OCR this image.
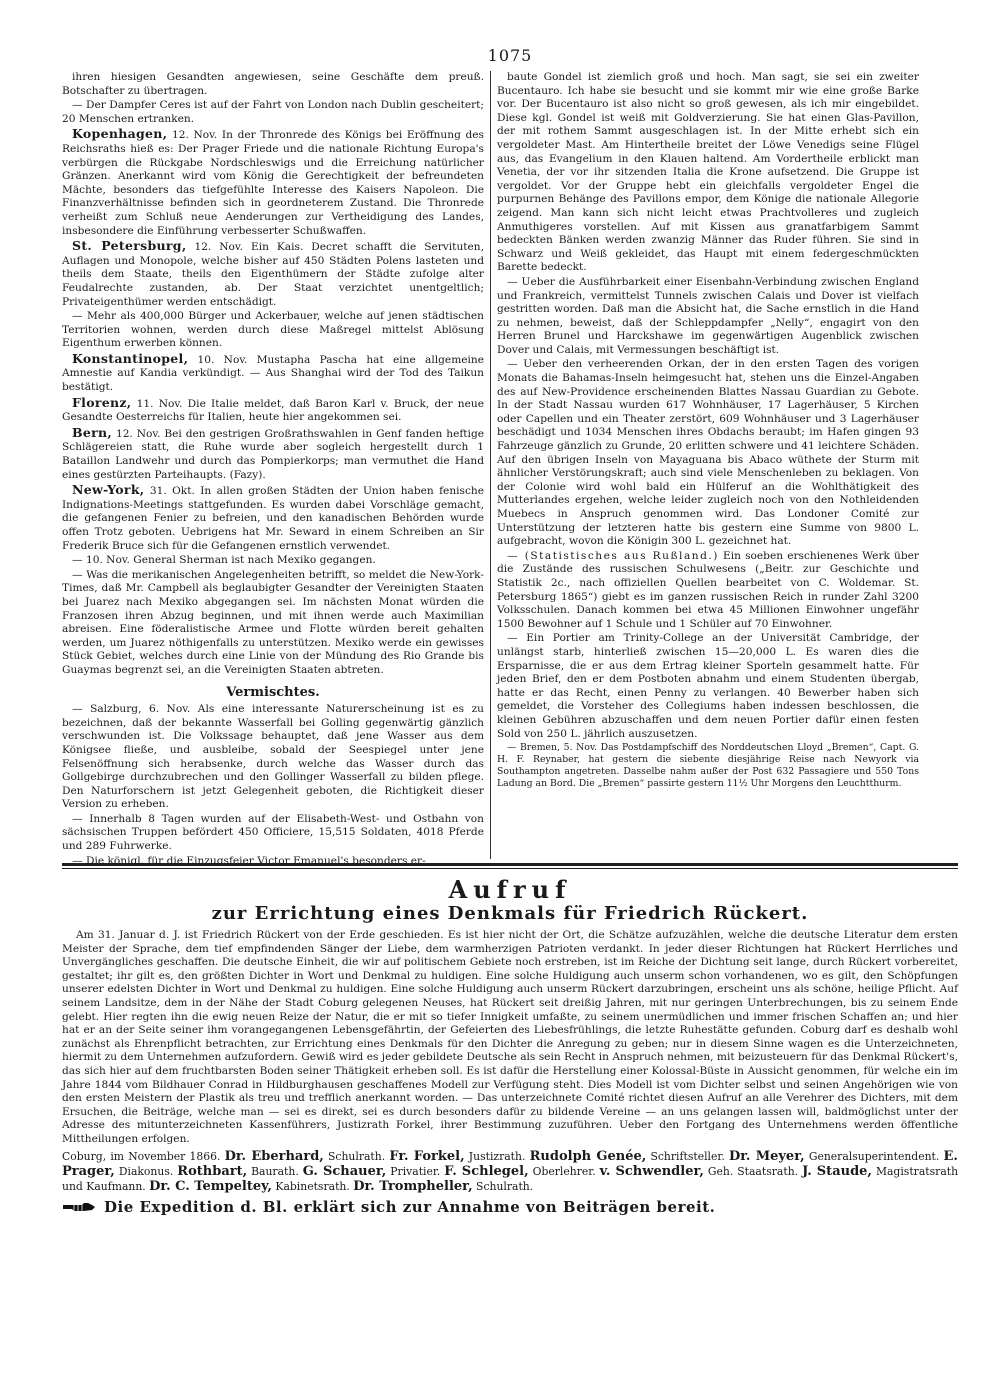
1075

ihren hiesigen Gesandten angewiesen, seine Geschäfte dem preuß. Botschafter zu übertragen.

— Der Dampfer Ceres ist auf der Fahrt von London nach Dublin gescheitert; 20 Menschen ertranken.

Kopenhagen, 12. Nov. In der Thronrede des Königs bei Eröffnung des Reichsraths hieß es: Der Prager Friede und die nationale Richtung Europa's verbürgen die Rückgabe Nordschleswigs und die Erreichung natürlicher Gränzen. Anerkannt wird vom König die Gerechtigkeit der befreundeten Mächte, besonders das tiefgefühlte Interesse des Kaisers Napoleon. Die Finanzverhältnisse befinden sich in geordneterem Zustand. Die Thronrede verheißt zum Schluß neue Aenderungen zur Vertheidigung des Landes, insbesondere die Einführung verbesserter Schußwaffen.

St. Petersburg, 12. Nov. Ein Kais. Decret schafft die Servituten, Auflagen und Monopole, welche bisher auf 450 Städten Polens lasteten und theils dem Staate, theils den Eigenthümern der Städte zufolge alter Feudalrechte zustanden, ab. Der Staat verzichtet unentgeltlich; Privateigenthümer werden entschädigt.

— Mehr als 400,000 Bürger und Ackerbauer, welche auf jenen städtischen Territorien wohnen, werden durch diese Maßregel mittelst Ablösung Eigenthum erwerben können.

Konstantinopel, 10. Nov. Mustapha Pascha hat eine allgemeine Amnestie auf Kandia verkündigt. — Aus Shanghai wird der Tod des Taikun bestätigt.

Florenz, 11. Nov. Die Italie meldet, daß Baron Karl v. Bruck, der neue Gesandte Oesterreichs für Italien, heute hier angekommen sei.

Bern, 12. Nov. Bei den gestrigen Großrathswahlen in Genf fanden heftige Schlägereien statt, die Ruhe wurde aber sogleich hergestellt durch 1 Bataillon Landwehr und durch das Pompierkorps; man vermuthet die Hand eines gestürzten Parteihaupts. (Fazy).

New-York, 31. Okt. In allen großen Städten der Union haben fenische Indignations-Meetings stattgefunden. Es wurden dabei Vorschläge gemacht, die gefangenen Fenier zu befreien, und den kanadischen Behörden wurde offen Trotz geboten. Uebrigens hat Mr. Seward in einem Schreiben an Sir Frederik Bruce sich für die Gefangenen ernstlich verwendet.

— 10. Nov. General Sherman ist nach Mexiko gegangen.

— Was die merikanischen Angelegenheiten betrifft, so meldet die New-York-Times, daß Mr. Campbell als beglaubigter Gesandter der Vereinigten Staaten bei Juarez nach Mexiko abgegangen sei. Im nächsten Monat würden die Franzosen ihren Abzug beginnen, und mit ihnen werde auch Maximilian abreisen. Eine föderalistische Armee und Flotte würden bereit gehalten werden, um Juarez nöthigenfalls zu unterstützen. Mexiko werde ein gewisses Stück Gebiet, welches durch eine Linie von der Mündung des Rio Grande bis Guaymas begrenzt sei, an die Vereinigten Staaten abtreten.

Vermischtes.

— Salzburg, 6. Nov. Als eine interessante Naturerscheinung ist es zu bezeichnen, daß der bekannte Wasserfall bei Golling gegenwärtig gänzlich verschwunden ist. Die Volkssage behauptet, daß jene Wasser aus dem Königsee fließe, und ausbleibe, sobald der Seespiegel unter jene Felsenöffnung sich herabsenke, durch welche das Wasser durch das Gollgebirge durchzubrechen und den Gollinger Wasserfall zu bilden pflege. Den Naturforschern ist jetzt Gelegenheit geboten, die Richtigkeit dieser Version zu erheben.

— Innerhalb 8 Tagen wurden auf der Elisabeth-West- und Ostbahn von sächsischen Truppen befördert 450 Officiere, 15,515 Soldaten, 4018 Pferde und 289 Fuhrwerke.

— Die königl. für die Einzugsfeier Victor Emanuel's besonders er-

baute Gondel ist ziemlich groß und hoch. Man sagt, sie sei ein zweiter Bucentauro. Ich habe sie besucht und sie kommt mir wie eine große Barke vor. Der Bucentauro ist also nicht so groß gewesen, als ich mir eingebildet. Diese kgl. Gondel ist weiß mit Goldverzierung. Sie hat einen Glas-Pavillon, der mit rothem Sammt ausgeschlagen ist. In der Mitte erhebt sich ein vergoldeter Mast. Am Hintertheile breitet der Löwe Venedigs seine Flügel aus, das Evangelium in den Klauen haltend. Am Vordertheile erblickt man Venetia, der vor ihr sitzenden Italia die Krone aufsetzend. Die Gruppe ist vergoldet. Vor der Gruppe hebt ein gleichfalls vergoldeter Engel die purpurnen Behänge des Pavillons empor, dem Könige die nationale Allegorie zeigend. Man kann sich nicht leicht etwas Prachtvolleres und zugleich Anmuthigeres vorstellen. Auf mit Kissen aus granatfarbigem Sammt bedeckten Bänken werden zwanzig Männer das Ruder führen. Sie sind in Schwarz und Weiß gekleidet, das Haupt mit einem federgeschmückten Barette bedeckt.

— Ueber die Ausführbarkeit einer Eisenbahn-Verbindung zwischen England und Frankreich, vermittelst Tunnels zwischen Calais und Dover ist vielfach gestritten worden. Daß man die Absicht hat, die Sache ernstlich in die Hand zu nehmen, beweist, daß der Schleppdampfer „Nelly“, engagirt von den Herren Brunel und Harckshawe im gegenwärtigen Augenblick zwischen Dover und Calais, mit Vermessungen beschäftigt ist.

— Ueber den verheerenden Orkan, der in den ersten Tagen des vorigen Monats die Bahamas-Inseln heimgesucht hat, stehen uns die Einzel-Angaben des auf New-Providence erscheinenden Blattes Nassau Guardian zu Gebote. In der Stadt Nassau wurden 617 Wohnhäuser, 17 Lagerhäuser, 5 Kirchen oder Capellen und ein Theater zerstört, 609 Wohnhäuser und 3 Lagerhäuser beschädigt und 1034 Menschen ihres Obdachs beraubt; im Hafen gingen 93 Fahrzeuge gänzlich zu Grunde, 20 erlitten schwere und 41 leichtere Schäden. Auf den übrigen Inseln von Mayaguana bis Abaco wüthete der Sturm mit ähnlicher Verstörungskraft; auch sind viele Menschenleben zu beklagen. Von der Colonie wird wohl bald ein Hülferuf an die Wohlthätigkeit des Mutterlandes ergehen, welche leider zugleich noch von den Nothleidenden Muebecs in Anspruch genommen wird. Das Londoner Comité zur Unterstützung der letzteren hatte bis gestern eine Summe von 9800 L. aufgebracht, wovon die Königin 300 L. gezeichnet hat.

— (Statistisches aus Rußland.) Ein soeben erschienenes Werk über die Zustände des russischen Schulwesens („Beitr. zur Geschichte und Statistik 2c., nach offiziellen Quellen bearbeitet von C. Woldemar. St. Petersburg 1865“) giebt es im ganzen russischen Reich in runder Zahl 3200 Volksschulen. Danach kommen bei etwa 45 Millionen Einwohner ungefähr 1500 Bewohner auf 1 Schule und 1 Schüler auf 70 Einwohner.

— Ein Portier am Trinity-College an der Universität Cambridge, der unlängst starb, hinterließ zwischen 15—20,000 L. Es waren dies die Ersparnisse, die er aus dem Ertrag kleiner Sporteln gesammelt hatte. Für jeden Brief, den er dem Postboten abnahm und einem Studenten übergab, hatte er das Recht, einen Penny zu verlangen. 40 Bewerber haben sich gemeldet, die Vorsteher des Collegiums haben indessen beschlossen, die kleinen Gebühren abzuschaffen und dem neuen Portier dafür einen festen Sold von 250 L. jährlich auszusetzen.

— Bremen, 5. Nov. Das Postdampfschiff des Norddeutschen Lloyd „Bremen“, Capt. G. H. F. Reynaber, hat gestern die siebente diesjährige Reise nach Newyork via Southampton angetreten. Dasselbe nahm außer der Post 632 Passagiere und 550 Tons Ladung an Bord. Die „Bremen“ passirte gestern 11½ Uhr Morgens den Leuchtthurm.

Aufruf
zur Errichtung eines Denkmals für Friedrich Rückert.

Am 31. Januar d. J. ist Friedrich Rückert von der Erde geschieden. Es ist hier nicht der Ort, die Schätze aufzuzählen, welche die deutsche Literatur dem ersten Meister der Sprache, dem tief empfindenden Sänger der Liebe, dem warmherzigen Patrioten verdankt. In jeder dieser Richtungen hat Rückert Herrliches und Unvergängliches geschaffen. Die deutsche Einheit, die wir auf politischem Gebiete noch erstreben, ist im Reiche der Dichtung seit lange, durch Rückert vorbereitet, gestaltet; ihr gilt es, den größten Dichter in Wort und Denkmal zu huldigen. Eine solche Huldigung auch unserm schon vorhandenen, wo es gilt, den Schöpfungen unserer edelsten Dichter in Wort und Denkmal zu huldigen. Eine solche Huldigung auch unserm Rückert darzubringen, erscheint uns als schöne, heilige Pflicht. Auf seinem Landsitze, dem in der Nähe der Stadt Coburg gelegenen Neuses, hat Rückert seit dreißig Jahren, mit nur geringen Unterbrechungen, bis zu seinem Ende gelebt. Hier regten ihn die ewig neuen Reize der Natur, die er mit so tiefer Innigkeit umfaßte, zu seinem unermüdlichen und immer frischen Schaffen an; und hier hat er an der Seite seiner ihm vorangegangenen Lebensgefährtin, der Gefeierten des Liebesfrühlings, die letzte Ruhestätte gefunden. Coburg darf es deshalb wohl zunächst als Ehrenpflicht betrachten, zur Errichtung eines Denkmals für den Dichter die Anregung zu geben; nur in diesem Sinne wagen es die Unterzeichneten, hiermit zu dem Unternehmen aufzufordern. Gewiß wird es jeder gebildete Deutsche als sein Recht in Anspruch nehmen, mit beizusteuern für das Denkmal Rückert's, das sich hier auf dem fruchtbarsten Boden seiner Thätigkeit erheben soll. Es ist dafür die Herstellung einer Kolossal-Büste in Aussicht genommen, für welche ein im Jahre 1844 vom Bildhauer Conrad in Hildburghausen geschaffenes Modell zur Verfügung steht. Dies Modell ist vom Dichter selbst und seinen Angehörigen wie von den ersten Meistern der Plastik als treu und trefflich anerkannt worden. — Das unterzeichnete Comité richtet diesen Aufruf an alle Verehrer des Dichters, mit dem Ersuchen, die Beiträge, welche man — sei es direkt, sei es durch besonders dafür zu bildende Vereine — an uns gelangen lassen will, baldmöglichst unter der Adresse des mitunterzeichneten Kassenführers, Justizrath Forkel, ihrer Bestimmung zuzuführen. Ueber den Fortgang des Unternehmens werden öffentliche Mittheilungen erfolgen.

Coburg, im November 1866. Dr. Eberhard, Schulrath. Fr. Forkel, Justizrath. Rudolph Genée, Schriftsteller. Dr. Meyer, Generalsuperintendent. E. Prager, Diakonus. Rothbart, Baurath. G. Schauer, Privatier. F. Schlegel, Oberlehrer. v. Schwendler, Geh. Staatsrath. J. Staude, Magistratsrath und Kaufmann. Dr. C. Tempeltey, Kabinetsrath. Dr. Trompheller, Schulrath.
Die Expedition d. Bl. erklärt sich zur Annahme von Beiträgen bereit.
